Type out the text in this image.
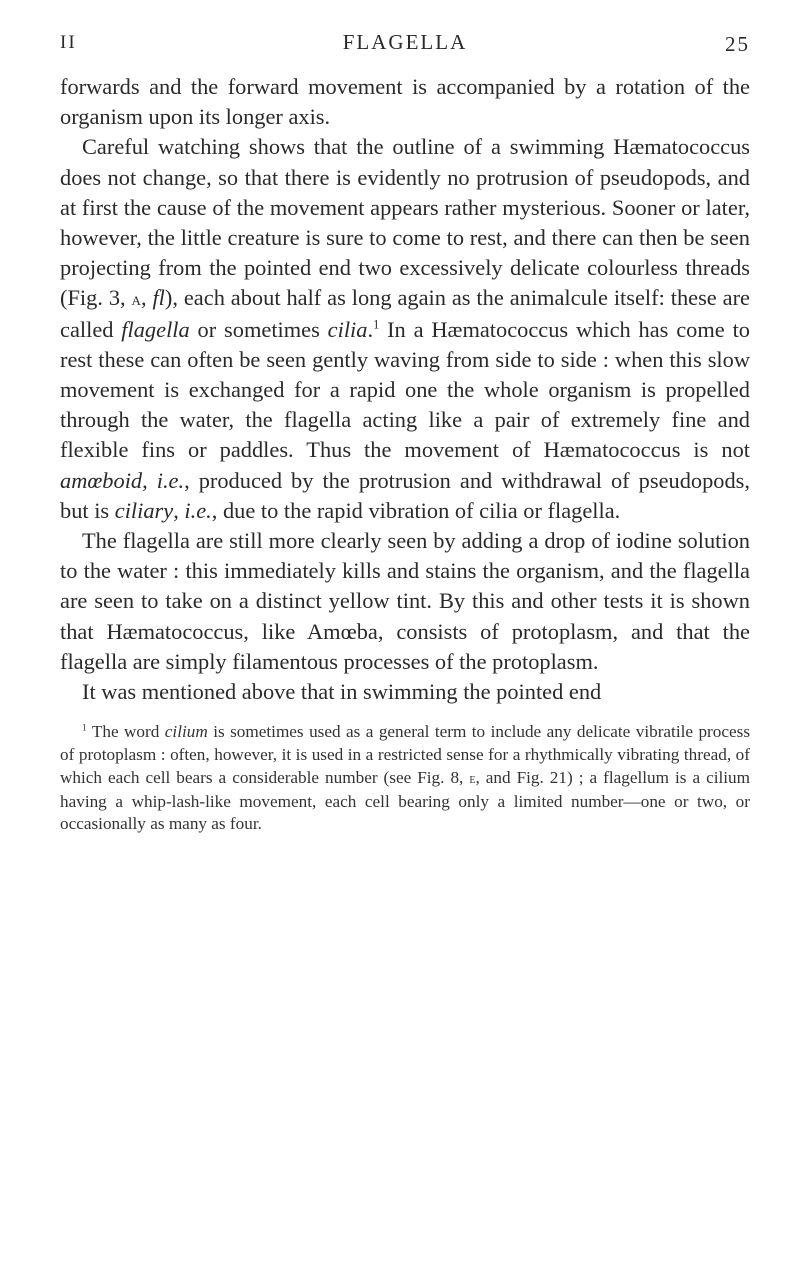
II	FLAGELLA	25

forwards and the forward movement is accompanied by a rotation of the organism upon its longer axis.

Careful watching shows that the outline of a swimming Hæmatococcus does not change, so that there is evidently no protrusion of pseudopods, and at first the cause of the movement appears rather mysterious. Sooner or later, however, the little creature is sure to come to rest, and there can then be seen projecting from the pointed end two excessively delicate colourless threads (Fig. 3, a, fl), each about half as long again as the animalcule itself: these are called flagella or sometimes cilia.$^1$ In a Hæmatococcus which has come to rest these can often be seen gently waving from side to side : when this slow movement is exchanged for a rapid one the whole organism is propelled through the water, the flagella acting like a pair of extremely fine and flexible fins or paddles. Thus the movement of Hæmatococcus is not amœboid, i.e., produced by the protrusion and withdrawal of pseudopods, but is ciliary, i.e., due to the rapid vibration of cilia or flagella.

The flagella are still more clearly seen by adding a drop of iodine solution to the water : this immediately kills and stains the organism, and the flagella are seen to take on a distinct yellow tint. By this and other tests it is shown that Hæmatococcus, like Amœba, consists of protoplasm, and that the flagella are simply filamentous processes of the protoplasm.

It was mentioned above that in swimming the pointed end

$^1$ The word cilium is sometimes used as a general term to include any delicate vibratile process of protoplasm : often, however, it is used in a restricted sense for a rhythmically vibrating thread, of which each cell bears a considerable number (see Fig. 8, e, and Fig. 21) ; a flagellum is a cilium having a whip-lash-like movement, each cell bearing only a limited number—one or two, or occasionally as many as four.
